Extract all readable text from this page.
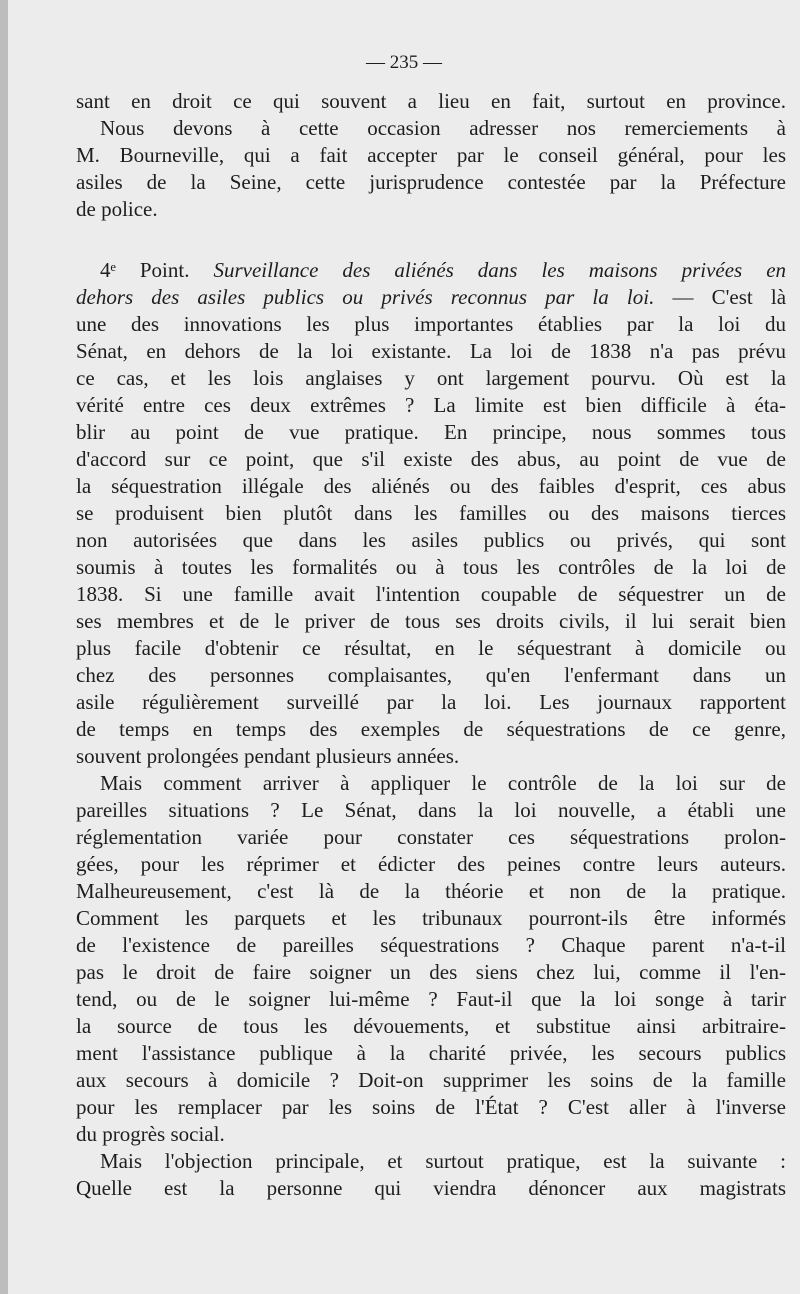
— 235 —
sant en droit ce qui souvent a lieu en fait, surtout en province.
Nous devons à cette occasion adresser nos remerciements à
M. Bourneville, qui a fait accepter par le conseil général, pour les
asiles de la Seine, cette jurisprudence contestée par la Préfecture
de police.
4ᵉ Point. Surveillance des aliénés dans les maisons privées en
dehors des asiles publics ou privés reconnus par la loi. — C'est là
une des innovations les plus importantes établies par la loi du
Sénat, en dehors de la loi existante. La loi de 1838 n'a pas prévu
ce cas, et les lois anglaises y ont largement pourvu. Où est la
vérité entre ces deux extrêmes ? La limite est bien difficile à éta-
blir au point de vue pratique. En principe, nous sommes tous
d'accord sur ce point, que s'il existe des abus, au point de vue de
la séquestration illégale des aliénés ou des faibles d'esprit, ces abus
se produisent bien plutôt dans les familles ou des maisons tierces
non autorisées que dans les asiles publics ou privés, qui sont
soumis à toutes les formalités ou à tous les contrôles de la loi de
1838. Si une famille avait l'intention coupable de séquestrer un de
ses membres et de le priver de tous ses droits civils, il lui serait bien
plus facile d'obtenir ce résultat, en le séquestrant à domicile ou
chez des personnes complaisantes, qu'en l'enfermant dans un
asile régulièrement surveillé par la loi. Les journaux rapportent
de temps en temps des exemples de séquestrations de ce genre,
souvent prolongées pendant plusieurs années.
Mais comment arriver à appliquer le contrôle de la loi sur de
pareilles situations ? Le Sénat, dans la loi nouvelle, a établi une
réglementation variée pour constater ces séquestrations prolon-
gées, pour les réprimer et édicter des peines contre leurs auteurs.
Malheureusement, c'est là de la théorie et non de la pratique.
Comment les parquets et les tribunaux pourront-ils être informés
de l'existence de pareilles séquestrations ? Chaque parent n'a-t-il
pas le droit de faire soigner un des siens chez lui, comme il l'en-
tend, ou de le soigner lui-même ? Faut-il que la loi songe à tarir
la source de tous les dévouements, et substitue ainsi arbitraire-
ment l'assistance publique à la charité privée, les secours publics
aux secours à domicile ? Doit-on supprimer les soins de la famille
pour les remplacer par les soins de l'État ? C'est aller à l'inverse
du progrès social.
Mais l'objection principale, et surtout pratique, est la suivante :
Quelle est la personne qui viendra dénoncer aux magistrats
